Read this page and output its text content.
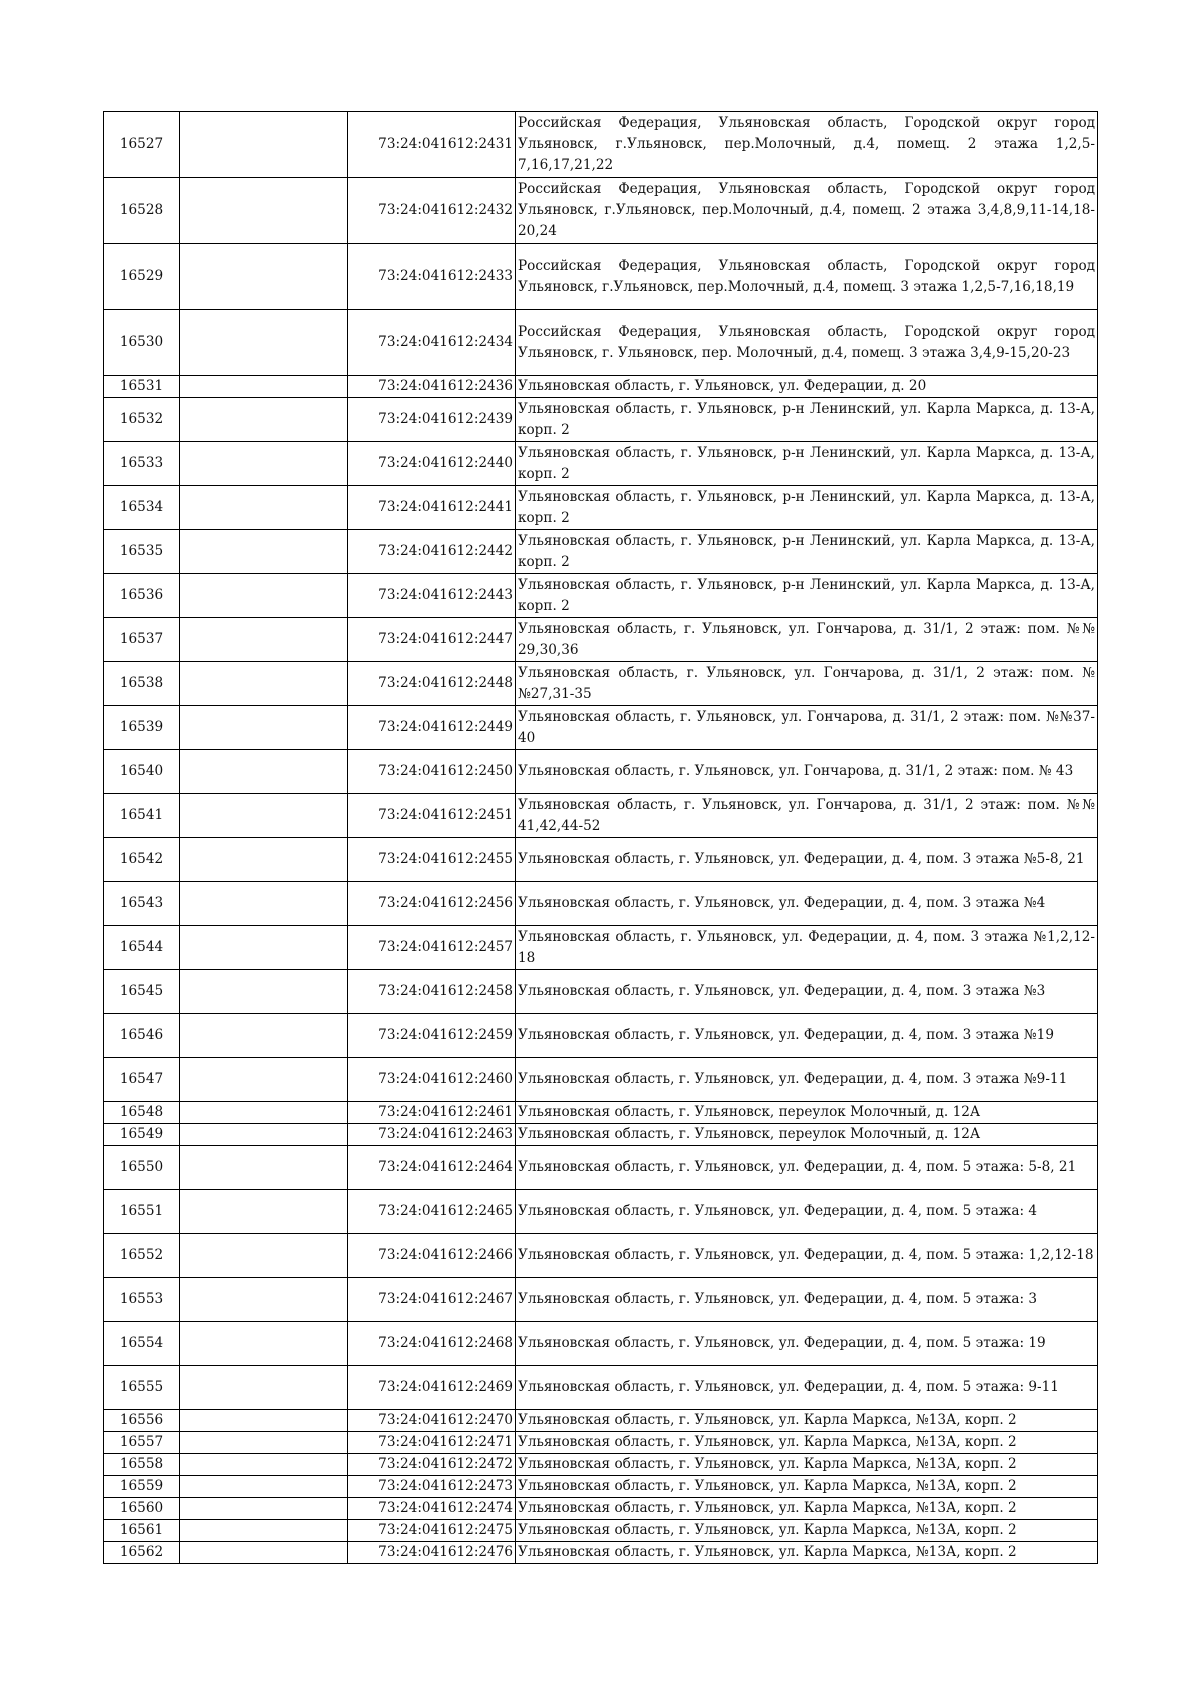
16527		73:24:041612:2431	Российская Федерация, Ульяновская область, Городской округ город Ульяновск, г.Ульяновск, пер.Молочный, д.4, помещ. 2 этажа 1,2,5-7,16,17,21,22
16528		73:24:041612:2432	Российская Федерация, Ульяновская область, Городской округ город Ульяновск, г.Ульяновск, пер.Молочный, д.4, помещ. 2 этажа 3,4,8,9,11-14,18-20,24
16529		73:24:041612:2433	Российская Федерация, Ульяновская область, Городской округ город Ульяновск, г.Ульяновск, пер.Молочный, д.4, помещ. 3 этажа 1,2,5-7,16,18,19
16530		73:24:041612:2434	Российская Федерация, Ульяновская область, Городской округ город Ульяновск, г. Ульяновск, пер. Молочный, д.4, помещ. 3 этажа 3,4,9-15,20-23
16531		73:24:041612:2436	Ульяновская область, г. Ульяновск, ул. Федерации, д. 20
16532		73:24:041612:2439	Ульяновская область, г. Ульяновск, р-н Ленинский, ул. Карла Маркса, д. 13-А, корп. 2
16533		73:24:041612:2440	Ульяновская область, г. Ульяновск, р-н Ленинский, ул. Карла Маркса, д. 13-А, корп. 2
16534		73:24:041612:2441	Ульяновская область, г. Ульяновск, р-н Ленинский, ул. Карла Маркса, д. 13-А, корп. 2
16535		73:24:041612:2442	Ульяновская область, г. Ульяновск, р-н Ленинский, ул. Карла Маркса, д. 13-А, корп. 2
16536		73:24:041612:2443	Ульяновская область, г. Ульяновск, р-н Ленинский, ул. Карла Маркса, д. 13-А, корп. 2
16537		73:24:041612:2447	Ульяновская область, г. Ульяновск, ул. Гончарова, д. 31/1, 2 этаж: пом. №№ 29,30,36
16538		73:24:041612:2448	Ульяновская область, г. Ульяновск, ул. Гончарова, д. 31/1, 2 этаж: пом. №№27,31-35
16539		73:24:041612:2449	Ульяновская область, г. Ульяновск, ул. Гончарова, д. 31/1, 2 этаж: пом. №№37-40
16540		73:24:041612:2450	Ульяновская область, г. Ульяновск, ул. Гончарова, д. 31/1, 2 этаж: пом. № 43
16541		73:24:041612:2451	Ульяновская область, г. Ульяновск, ул. Гончарова, д. 31/1, 2 этаж: пом. №№ 41,42,44-52
16542		73:24:041612:2455	Ульяновская область, г. Ульяновск, ул. Федерации, д. 4, пом. 3 этажа №5-8, 21
16543		73:24:041612:2456	Ульяновская область, г. Ульяновск, ул. Федерации, д. 4, пом. 3 этажа №4
16544		73:24:041612:2457	Ульяновская область, г. Ульяновск, ул. Федерации, д. 4, пом. 3 этажа №1,2,12-18
16545		73:24:041612:2458	Ульяновская область, г. Ульяновск, ул. Федерации, д. 4, пом. 3 этажа №3
16546		73:24:041612:2459	Ульяновская область, г. Ульяновск, ул. Федерации, д. 4, пом. 3 этажа №19
16547		73:24:041612:2460	Ульяновская область, г. Ульяновск, ул. Федерации, д. 4, пом. 3 этажа №9-11
16548		73:24:041612:2461	Ульяновская область, г. Ульяновск, переулок Молочный, д. 12А
16549		73:24:041612:2463	Ульяновская область, г. Ульяновск, переулок Молочный, д. 12А
16550		73:24:041612:2464	Ульяновская область, г. Ульяновск, ул. Федерации, д. 4, пом. 5 этажа: 5-8, 21
16551		73:24:041612:2465	Ульяновская область, г. Ульяновск, ул. Федерации, д. 4, пом. 5 этажа: 4
16552		73:24:041612:2466	Ульяновская область, г. Ульяновск, ул. Федерации, д. 4, пом. 5 этажа: 1,2,12-18
16553		73:24:041612:2467	Ульяновская область, г. Ульяновск, ул. Федерации, д. 4, пом. 5 этажа: 3
16554		73:24:041612:2468	Ульяновская область, г. Ульяновск, ул. Федерации, д. 4, пом. 5 этажа: 19
16555		73:24:041612:2469	Ульяновская область, г. Ульяновск, ул. Федерации, д. 4, пом. 5 этажа: 9-11
16556		73:24:041612:2470	Ульяновская область, г. Ульяновск, ул. Карла Маркса, №13А, корп. 2
16557		73:24:041612:2471	Ульяновская область, г. Ульяновск, ул. Карла Маркса, №13А, корп. 2
16558		73:24:041612:2472	Ульяновская область, г. Ульяновск, ул. Карла Маркса, №13А, корп. 2
16559		73:24:041612:2473	Ульяновская область, г. Ульяновск, ул. Карла Маркса, №13А, корп. 2
16560		73:24:041612:2474	Ульяновская область, г. Ульяновск, ул. Карла Маркса, №13А, корп. 2
16561		73:24:041612:2475	Ульяновская область, г. Ульяновск, ул. Карла Маркса, №13А, корп. 2
16562		73:24:041612:2476	Ульяновская область, г. Ульяновск, ул. Карла Маркса, №13А, корп. 2
